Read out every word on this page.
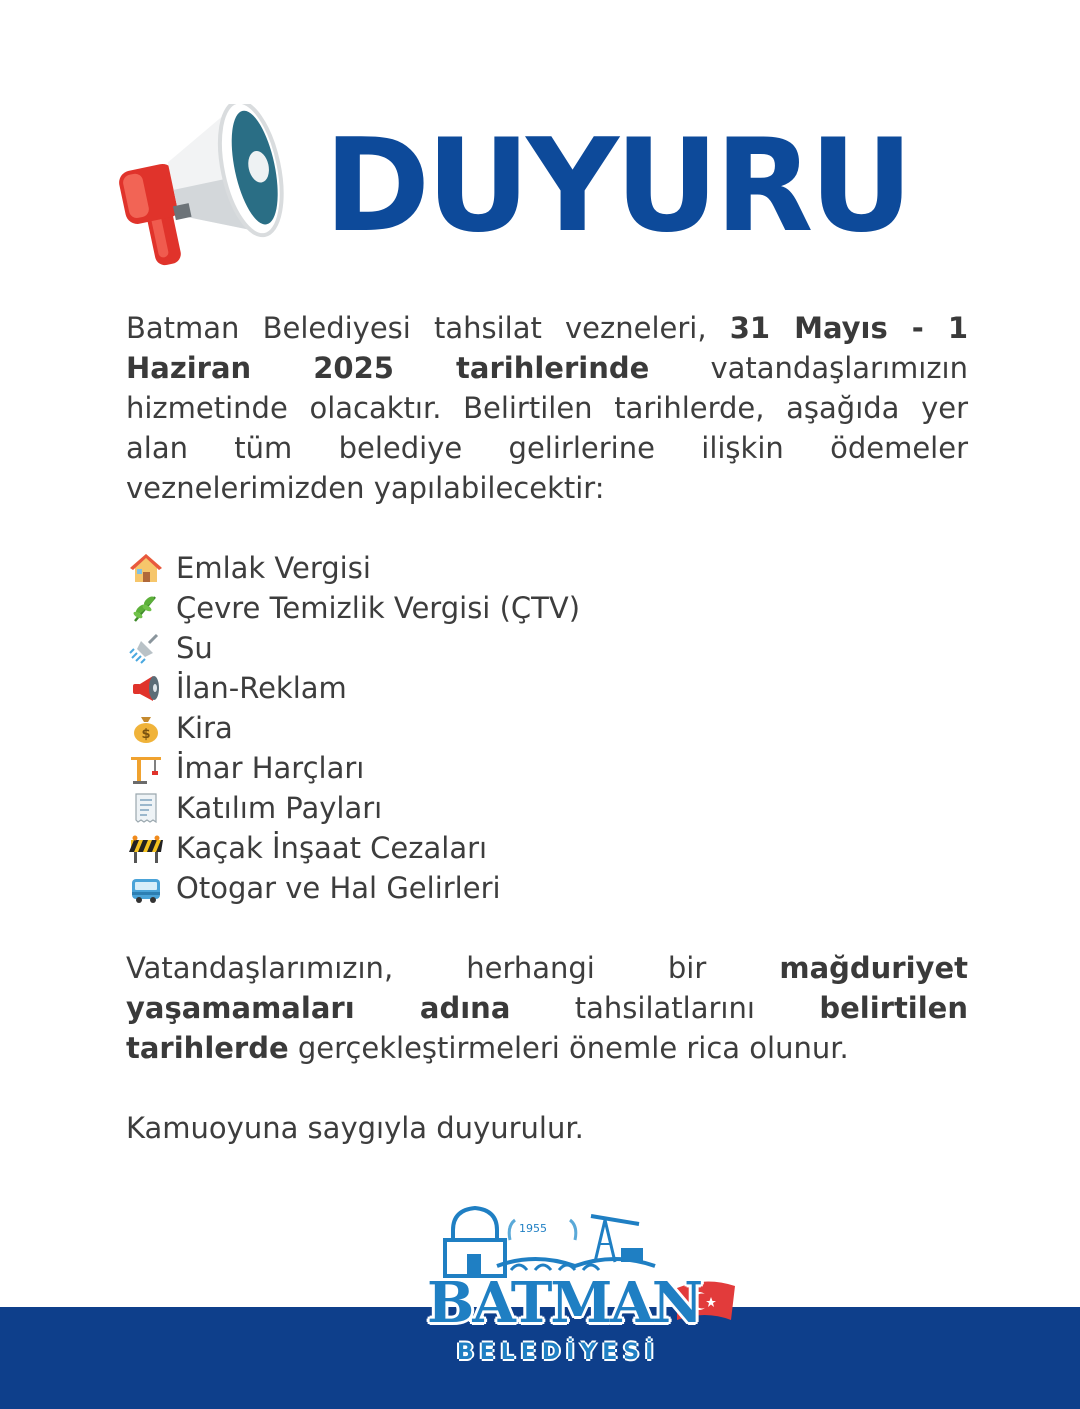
DUYURU

Batman Belediyesi tahsilat vezneleri, 31 Mayıs - 1 Haziran 2025 tarihlerinde vatandaşlarımızın hizmetinde olacaktır. Belirtilen tarihlerde, aşağıda yer alan tüm belediye gelirlerine ilişkin ödemeler veznelerimizden yapılabilecektir:

Emlak Vergisi
Çevre Temizlik Vergisi (ÇTV)
Su
İlan-Reklam
$ Kira
İmar Harçları
Katılım Payları
Kaçak İnşaat Cezaları
Otogar ve Hal Gelirleri

Vatandaşlarımızın, herhangi bir mağduriyet yaşamamaları adına tahsilatlarını belirtilen tarihlerde gerçekleştirmeleri önemle rica olunur.

Kamuoyuna saygıyla duyurulur.

1955
BATMAN
BELEDİYESİ
